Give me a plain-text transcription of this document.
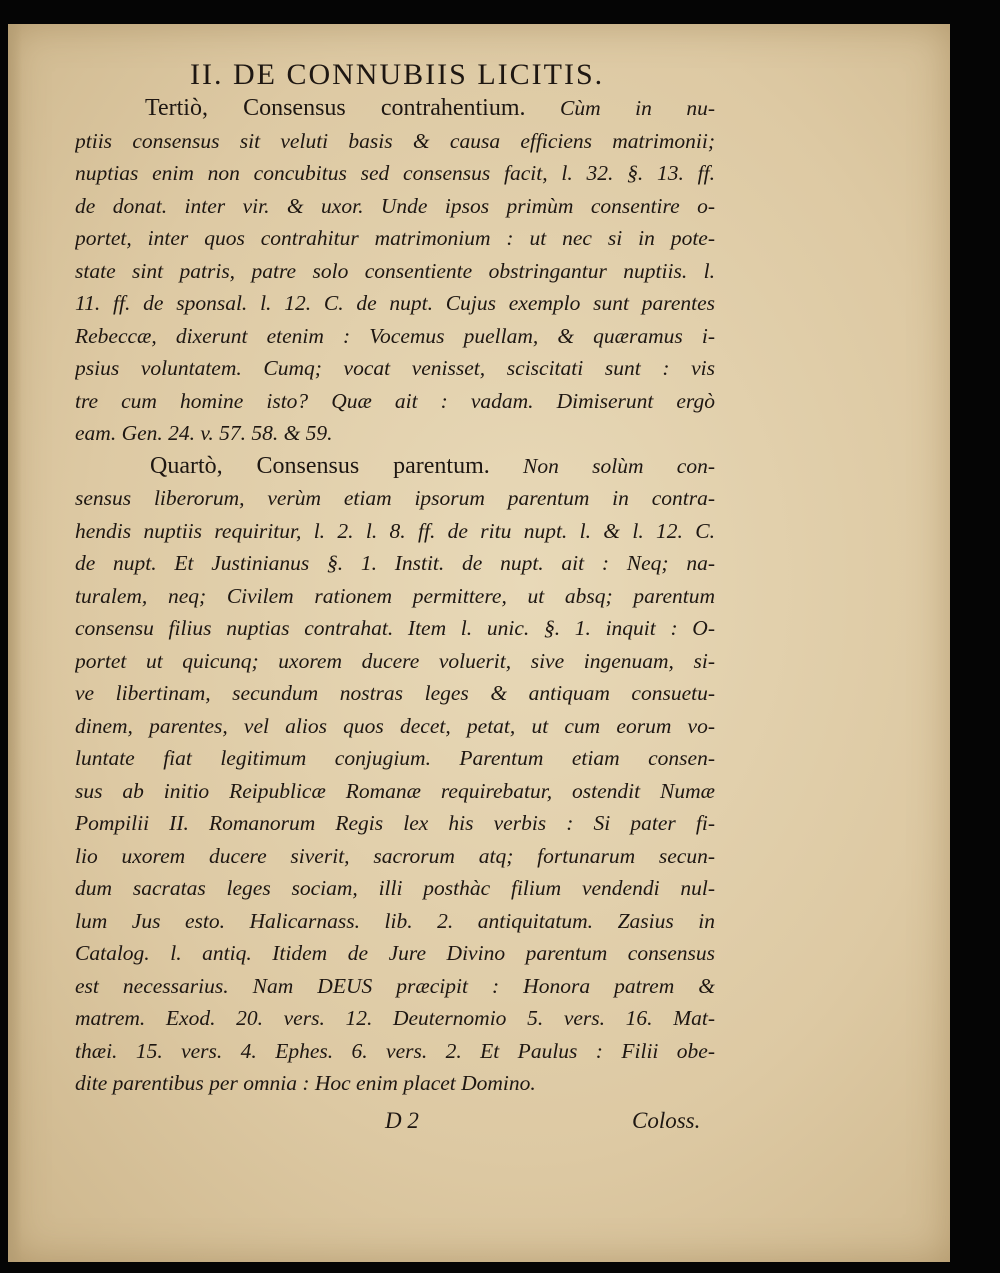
II. DE CONNUBIIS LICITIS.
Tertiò, Consensus contrahentium. Cùm in nu-
ptiis consensus sit veluti basis & causa efficiens matrimonii;
nuptias enim non concubitus sed consensus facit, l. 32. §. 13. ff.
de donat. inter vir. & uxor. Unde ipsos primùm consentire o-
portet, inter quos contrahitur matrimonium : ut nec si in pote-
state sint patris, patre solo consentiente obstringantur nuptiis. l.
11. ff. de sponsal. l. 12. C. de nupt. Cujus exemplo sunt parentes
Rebeccæ, dixerunt etenim : Vocemus puellam, & quæramus i-
psius voluntatem. Cumq; vocat venisset, sciscitati sunt : vis
tre cum homine isto? Quæ ait : vadam. Dimiserunt ergò
eam. Gen. 24. v. 57. 58. & 59.
Quartò, Consensus parentum. Non solùm con-
sensus liberorum, verùm etiam ipsorum parentum in contra-
hendis nuptiis requiritur, l. 2. l. 8. ff. de ritu nupt. l. & l. 12. C.
de nupt. Et Justinianus §. 1. Instit. de nupt. ait : Neq; na-
turalem, neq; Civilem rationem permittere, ut absq; parentum
consensu filius nuptias contrahat. Item l. unic. §. 1. inquit : O-
portet ut quicunq; uxorem ducere voluerit, sive ingenuam, si-
ve libertinam, secundum nostras leges & antiquam consuetu-
dinem, parentes, vel alios quos decet, petat, ut cum eorum vo-
luntate fiat legitimum conjugium. Parentum etiam consen-
sus ab initio Reipublicæ Romanæ requirebatur, ostendit Numæ
Pompilii II. Romanorum Regis lex his verbis : Si pater fi-
lio uxorem ducere siverit, sacrorum atq; fortunarum secun-
dum sacratas leges sociam, illi posthàc filium vendendi nul-
lum Jus esto. Halicarnass. lib. 2. antiquitatum. Zasius in
Catalog. l. antiq. Itidem de Jure Divino parentum consensus
est necessarius. Nam DEUS præcipit : Honora patrem &
matrem. Exod. 20. vers. 12. Deuternomio 5. vers. 16. Mat-
thæi. 15. vers. 4. Ephes. 6. vers. 2. Et Paulus : Filii obe-
dite parentibus per omnia : Hoc enim placet Domino.
D 2	Coloss.
